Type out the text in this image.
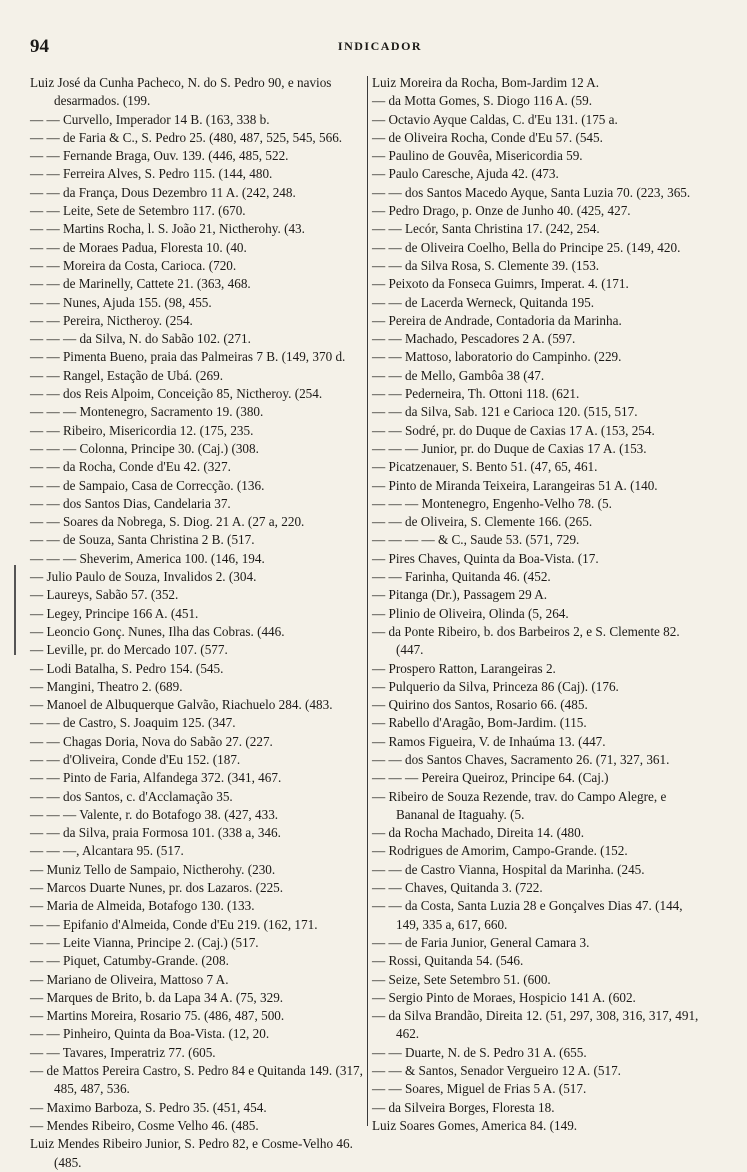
94	INDICADOR

Luiz José da Cunha Pacheco, N. do S. Pedro 90, e navios desarmados. (199.

— — Curvello, Imperador 14 B. (163, 338 b.

— — de Faria & C., S. Pedro 25. (480, 487, 525, 545, 566.

— — Fernande Braga, Ouv. 139. (446, 485, 522.

— — Ferreira Alves, S. Pedro 115. (144, 480.

— — da França, Dous Dezembro 11 A. (242, 248.

— — Leite, Sete de Setembro 117. (670.

— — Martins Rocha, l. S. João 21, Nictherohy. (43.

— — de Moraes Padua, Floresta 10. (40.

— — Moreira da Costa, Carioca. (720.

— — de Marinelly, Cattete 21. (363, 468.

— — Nunes, Ajuda 155. (98, 455.

— — Pereira, Nictheroy. (254.

— — — da Silva, N. do Sabão 102. (271.

— — Pimenta Bueno, praia das Palmeiras 7 B. (149, 370 d.

— — Rangel, Estação de Ubá. (269.

— — dos Reis Alpoim, Conceição 85, Nictheroy. (254.

— — — Montenegro, Sacramento 19. (380.

— — Ribeiro, Misericordia 12. (175, 235.

— — — Colonna, Principe 30. (Caj.) (308.

— — da Rocha, Conde d'Eu 42. (327.

— — de Sampaio, Casa de Correcção. (136.

— — dos Santos Dias, Candelaria 37.

— — Soares da Nobrega, S. Diog. 21 A. (27 a, 220.

— — de Souza, Santa Christina 2 B. (517.

— — — Sheverim, America 100. (146, 194.

— Julio Paulo de Souza, Invalidos 2. (304.

— Laureys, Sabão 57. (352.

— Legey, Principe 166 A. (451.

— Leoncio Gonç. Nunes, Ilha das Cobras. (446.

— Leville, pr. do Mercado 107. (577.

— Lodi Batalha, S. Pedro 154. (545.

— Mangini, Theatro 2. (689.

— Manoel de Albuquerque Galvão, Riachuelo 284. (483.

— — de Castro, S. Joaquim 125. (347.

— — Chagas Doria, Nova do Sabão 27. (227.

— — d'Oliveira, Conde d'Eu 152. (187.

— — Pinto de Faria, Alfandega 372. (341, 467.

— — dos Santos, c. d'Acclamação 35.

— — — Valente, r. do Botafogo 38. (427, 433.

— — da Silva, praia Formosa 101. (338 a, 346.

— — —, Alcantara 95. (517.

— Muniz Tello de Sampaio, Nictherohy. (230.

— Marcos Duarte Nunes, pr. dos Lazaros. (225.

— Maria de Almeida, Botafogo 130. (133.

— — Epifanio d'Almeida, Conde d'Eu 219. (162, 171.

— — Leite Vianna, Principe 2. (Caj.) (517.

— — Piquet, Catumby-Grande. (208.

— Mariano de Oliveira, Mattoso 7 A.

— Marques de Brito, b. da Lapa 34 A. (75, 329.

— Martins Moreira, Rosario 75. (486, 487, 500.

— — Pinheiro, Quinta da Boa-Vista. (12, 20.

— — Tavares, Imperatriz 77. (605.

— de Mattos Pereira Castro, S. Pedro 84 e Quitanda 149. (317, 485, 487, 536.

— Maximo Barboza, S. Pedro 35. (451, 454.

— Mendes Ribeiro, Cosme Velho 46. (485.

Luiz Mendes Ribeiro Junior, S. Pedro 82, e Cosme-Velho 46. (485.

Luiz Moreira da Rocha, Bom-Jardim 12 A.

— da Motta Gomes, S. Diogo 116 A. (59.

— Octavio Ayque Caldas, C. d'Eu 131. (175 a.

— de Oliveira Rocha, Conde d'Eu 57. (545.

— Paulino de Gouvêa, Misericordia 59.

— Paulo Caresche, Ajuda 42. (473.

— — dos Santos Macedo Ayque, Santa Luzia 70. (223, 365.

— Pedro Drago, p. Onze de Junho 40. (425, 427.

— — Lecór, Santa Christina 17. (242, 254.

— — de Oliveira Coelho, Bella do Principe 25. (149, 420.

— — da Silva Rosa, S. Clemente 39. (153.

— Peixoto da Fonseca Guimrs, Imperat. 4. (171.

— — de Lacerda Werneck, Quitanda 195.

— Pereira de Andrade, Contadoria da Marinha.

— — Machado, Pescadores 2 A. (597.

— — Mattoso, laboratorio do Campinho. (229.

— — de Mello, Gambôa 38 (47.

— — Pederneira, Th. Ottoni 118. (621.

— — da Silva, Sab. 121 e Carioca 120. (515, 517.

— — Sodré, pr. do Duque de Caxias 17 A. (153, 254.

— — — Junior, pr. do Duque de Caxias 17 A. (153.

— Picatzenauer, S. Bento 51. (47, 65, 461.

— Pinto de Miranda Teixeira, Larangeiras 51 A. (140.

— — — Montenegro, Engenho-Velho 78. (5.

— — de Oliveira, S. Clemente 166. (265.

— — — — & C., Saude 53. (571, 729.

— Pires Chaves, Quinta da Boa-Vista. (17.

— — Farinha, Quitanda 46. (452.

— Pitanga (Dr.), Passagem 29 A.

— Plinio de Oliveira, Olinda (5, 264.

— da Ponte Ribeiro, b. dos Barbeiros 2, e S. Clemente 82. (447.

— Prospero Ratton, Larangeiras 2.

— Pulquerio da Silva, Princeza 86 (Caj). (176.

— Quirino dos Santos, Rosario 66. (485.

— Rabello d'Aragão, Bom-Jardim. (115.

— Ramos Figueira, V. de Inhaúma 13. (447.

— — dos Santos Chaves, Sacramento 26. (71, 327, 361.

— — — Pereira Queiroz, Principe 64. (Caj.)

— Ribeiro de Souza Rezende, trav. do Campo Alegre, e Bananal de Itaguahy. (5.

— da Rocha Machado, Direita 14. (480.

— Rodrigues de Amorim, Campo-Grande. (152.

— — de Castro Vianna, Hospital da Marinha. (245.

— — Chaves, Quitanda 3. (722.

— — da Costa, Santa Luzia 28 e Gonçalves Dias 47. (144, 149, 335 a, 617, 660.

— — de Faria Junior, General Camara 3.

— Rossi, Quitanda 54. (546.

— Seize, Sete Setembro 51. (600.

— Sergio Pinto de Moraes, Hospicio 141 A. (602.

— da Silva Brandão, Direita 12. (51, 297, 308, 316, 317, 491, 462.

— — Duarte, N. de S. Pedro 31 A. (655.

— — & Santos, Senador Vergueiro 12 A. (517.

— — Soares, Miguel de Frias 5 A. (517.

— da Silveira Borges, Floresta 18.

Luiz Soares Gomes, America 84. (149.
